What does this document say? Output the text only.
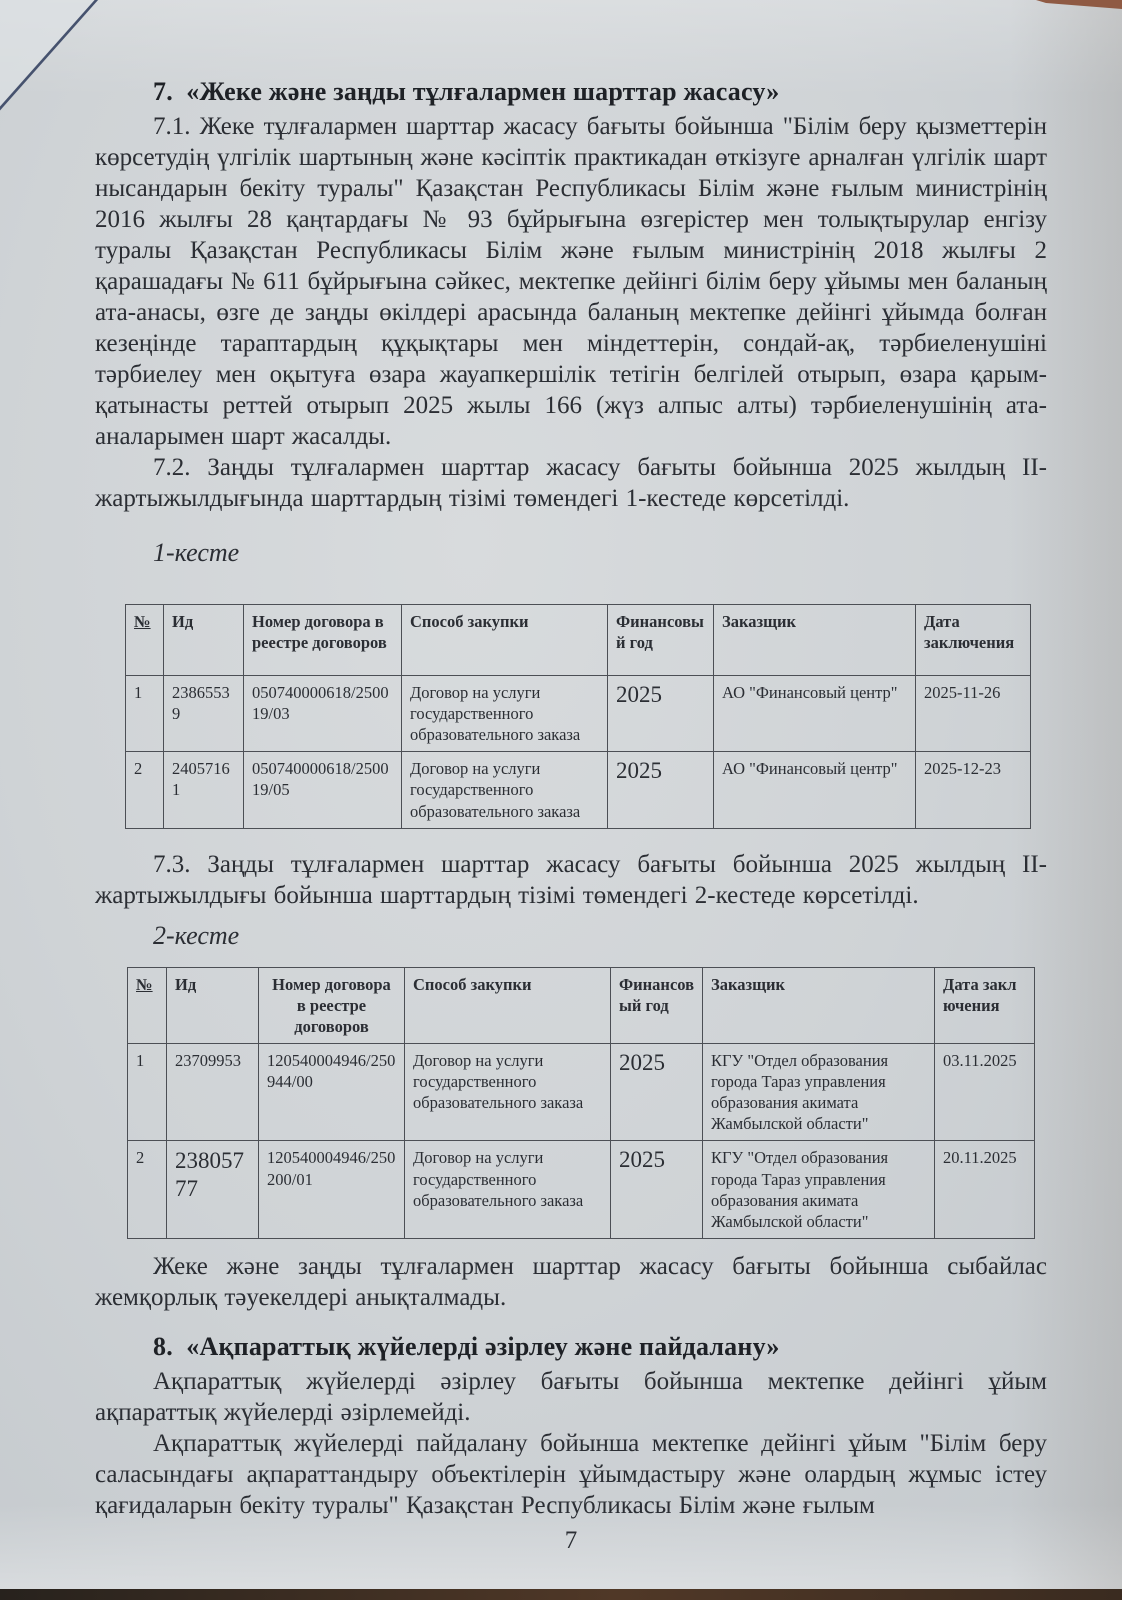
7.  «Жеке және заңды тұлғалармен шарттар жасасу»

7.1. Жеке тұлғалармен шарттар жасасу бағыты бойынша "Білім беру қызметтерін көрсетудің үлгілік шартының және кәсіптік практикадан өткізуге арналған үлгілік шарт нысандарын бекіту туралы" Қазақстан Республикасы Білім және ғылым министрінің 2016 жылғы 28 қаңтардағы № 93 бұйрығына өзгерістер мен толықтырулар енгізу туралы Қазақстан Республикасы Білім және ғылым министрінің 2018 жылғы 2 қарашадағы № 611 бұйрығына сәйкес, мектепке дейінгі білім беру ұйымы мен баланың ата-анасы, өзге де заңды өкілдері арасында баланың мектепке дейінгі ұйымда болған кезеңінде тараптардың құқықтары мен міндеттерін, сондай-ақ, тәрбиеленушіні тәрбиелеу мен оқытуға өзара жауапкершілік тетігін белгілей отырып, өзара қарым-қатынасты реттей отырып 2025 жылы 166 (жүз алпыс алты) тәрбиеленушінің ата-аналарымен шарт жасалды.

7.2. Заңды тұлғалармен шарттар жасасу бағыты бойынша 2025 жылдың II-жартыжылдығында шарттардың тізімі төмендегі 1-кестеде көрсетілді.

1-кесте
№	Ид	Номер договора в реестре договоров	Способ закупки	Финансовый год	Заказщик	Дата заключения
1	23865539	050740000618/250019/03	Договор на услуги государственного образовательного заказа	2025	АО "Финансовый центр"	2025-11-26
2	24057161	050740000618/250019/05	Договор на услуги государственного образовательного заказа	2025	АО "Финансовый центр"	2025-12-23

7.3. Заңды тұлғалармен шарттар жасасу бағыты бойынша 2025 жылдың II-жартыжылдығы бойынша шарттардың тізімі төмендегі 2-кестеде көрсетілді.

2-кесте
№	Ид	Номер договора в реестре договоров	Способ закупки	Финансовый год	Заказщик	Дата заключения
1	23709953	120540004946/250944/00	Договор на услуги государственного образовательного заказа	2025	КГУ "Отдел образования города Тараз управления образования акимата Жамбылской области"	03.11.2025
2	23805777	120540004946/250200/01	Договор на услуги государственного образовательного заказа	2025	КГУ "Отдел образования города Тараз управления образования акимата Жамбылской области"	20.11.2025

Жеке және заңды тұлғалармен шарттар жасасу бағыты бойынша сыбайлас жемқорлық тәуекелдері анықталмады.

8.  «Ақпараттық жүйелерді әзірлеу және пайдалану»

Ақпараттық жүйелерді әзірлеу бағыты бойынша мектепке дейінгі ұйым ақпараттық жүйелерді әзірлемейді.

Ақпараттық жүйелерді пайдалану бойынша мектепке дейінгі ұйым "Білім беру саласындағы ақпараттандыру объектілерін ұйымдастыру және олардың жұмыс істеу қағидаларын бекіту туралы" Қазақстан Республикасы Білім және ғылым

7
